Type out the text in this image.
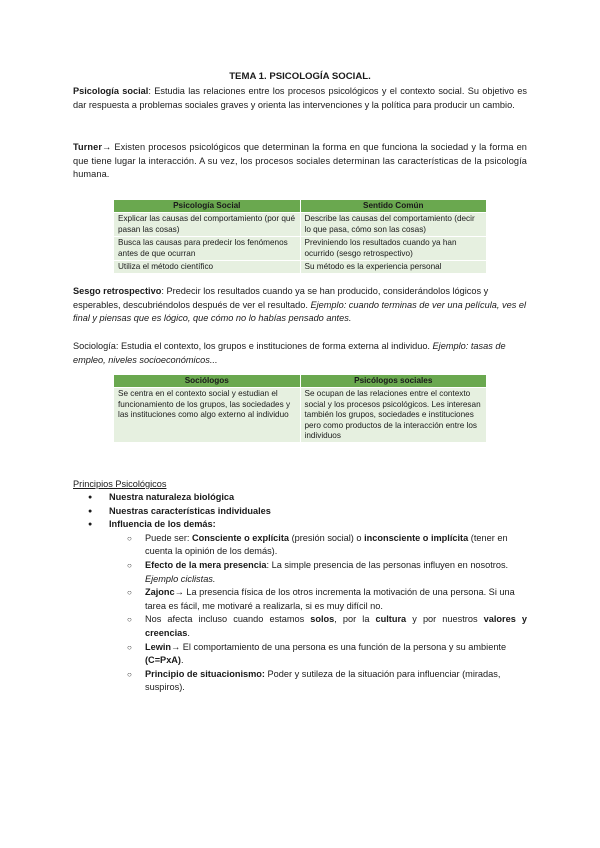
TEMA 1. PSICOLOGÍA SOCIAL.
Psicología social: Estudia las relaciones entre los procesos psicológicos y el contexto social. Su objetivo es dar respuesta a problemas sociales graves y orienta las intervenciones y la política para producir un cambio.
Turner→ Existen procesos psicológicos que determinan la forma en que funciona la sociedad y la forma en que tiene lugar la interacción. A su vez, los procesos sociales determinan las características de la psicología humana.
Psicología Social	Sentido Común
Explicar las causas del comportamiento (por qué pasan las cosas)	Describe las causas del comportamiento (decir lo que pasa, cómo son las cosas)
Busca las causas para predecir los fenómenos antes de que ocurran	Previniendo los resultados cuando ya han ocurrido (sesgo retrospectivo)
Utiliza el método científico	Su método es la experiencia personal
Sesgo retrospectivo: Predecir los resultados cuando ya se han producido, considerándolos lógicos y esperables, descubriéndolos después de ver el resultado. Ejemplo: cuando terminas de ver una película, ves el final y piensas que es lógico, que cómo no lo habías pensado antes.
Sociología: Estudia el contexto, los grupos e instituciones de forma externa al individuo. Ejemplo: tasas de empleo, niveles socioeconómicos...
Sociólogos	Psicólogos sociales
Se centra en el contexto social y estudian el funcionamiento de los grupos, las sociedades y las instituciones como algo externo al individuo	Se ocupan de las relaciones entre el contexto social y los procesos psicológicos. Les interesan también los grupos, sociedades e instituciones pero como productos de la interacción entre los individuos
Principios Psicológicos
● Nuestra naturaleza biológica
● Nuestras características individuales
● Influencia de los demás:
○ Puede ser: Consciente o explícita (presión social) o inconsciente o implícita (tener en cuenta la opinión de los demás).
○ Efecto de la mera presencia: La simple presencia de las personas influyen en nosotros. Ejemplo ciclistas.
○ Zajonc→ La presencia física de los otros incrementa la motivación de una persona. Si una tarea es fácil, me motivaré a realizarla, si es muy difícil no.
○ Nos afecta incluso cuando estamos solos, por la cultura y por nuestros valores y creencias.
○ Lewin→ El comportamiento de una persona es una función de la persona y su ambiente (C=PxA).
○ Principio de situacionismo: Poder y sutileza de la situación para influenciar (miradas, suspiros).
